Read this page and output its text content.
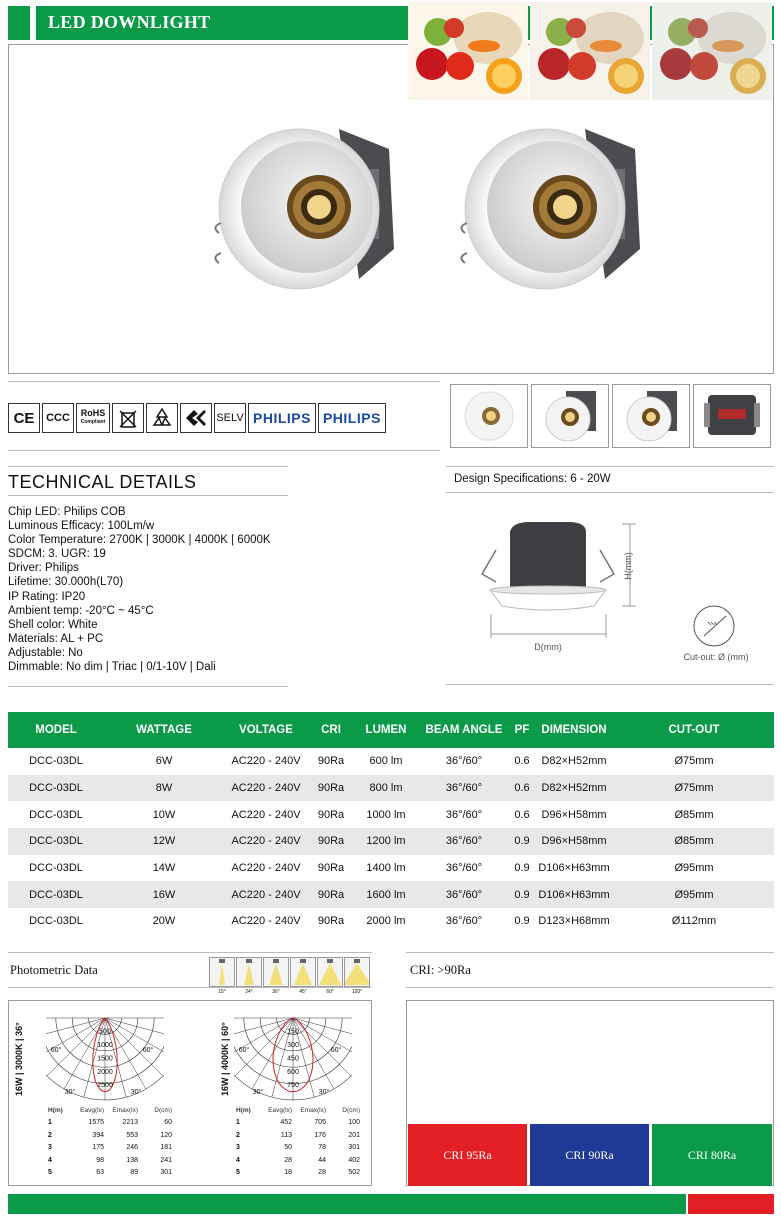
LED DOWNLIGHT
CE	CCC	RoHS
Compliant	SELV PHILIPS PHILIPS
TECHNICAL DETAILS
Chip LED: Philips COB
Luminous Efficacy: 100Lm/w
Color Temperature: 2700K | 3000K | 4000K | 6000K
SDCM: 3. UGR: 19
Driver: Philips
Lifetime: 30.000h(L70)
IP Rating: IP20
Ambient temp: -20°C ~ 45°C
Shell color: White
Materials: AL + PC
Adjustable: No
Dimmable: No dim | Triac | 0/1-10V | Dali
Design Specifications: 6 - 20W
D(mm)
H(mm)
Cut-out: Ø (mm)
MODEL	WATTAGE	VOLTAGE	CRI	LUMEN	BEAM ANGLE	PF	DIMENSION	CUT-OUT
DCC-03DL	6W	AC220 - 240V	90Ra	600 lm	36°/60°	0.6	D82×H52mm	Ø75mm
DCC-03DL	8W	AC220 - 240V	90Ra	800 lm	36°/60°	0.6	D82×H52mm	Ø75mm
DCC-03DL	10W	AC220 - 240V	90Ra	1000 lm	36°/60°	0.6	D96×H58mm	Ø85mm
DCC-03DL	12W	AC220 - 240V	90Ra	1200 lm	36°/60°	0.9	D96×H58mm	Ø85mm
DCC-03DL	14W	AC220 - 240V	90Ra	1400 lm	36°/60°	0.9	D106×H63mm	Ø95mm
DCC-03DL	16W	AC220 - 240V	90Ra	1600 lm	36°/60°	0.9	D106×H63mm	Ø95mm
DCC-03DL	20W	AC220 - 240V	90Ra	2000 lm	36°/60°	0.9	D123×H68mm	Ø112mm
Photometric Data
15°	24°	36°	45°	60°	120°
CRI: >90Ra
16W | 3000K | 36°	500
1000
1500
2000
2500
60°	60°
30°	30°
H(m)	Eavg(lx)	Emax(lx)	D(cm)
1	1575	2213	60
2	394	553	120
3	175	246	181
4	98	138	241
5	63	89	301
16W | 4000K | 60°	150
300
450
600
750
60°	60°
30°	30°
H(m)	Eavg(lx)	Emax(lx)	D(cm)
1	452	705	100
2	113	176	201
3	50	78	301
4	28	44	402
5	18	28	502
CRI 95Ra	CRI 90Ra	CRI 80Ra
